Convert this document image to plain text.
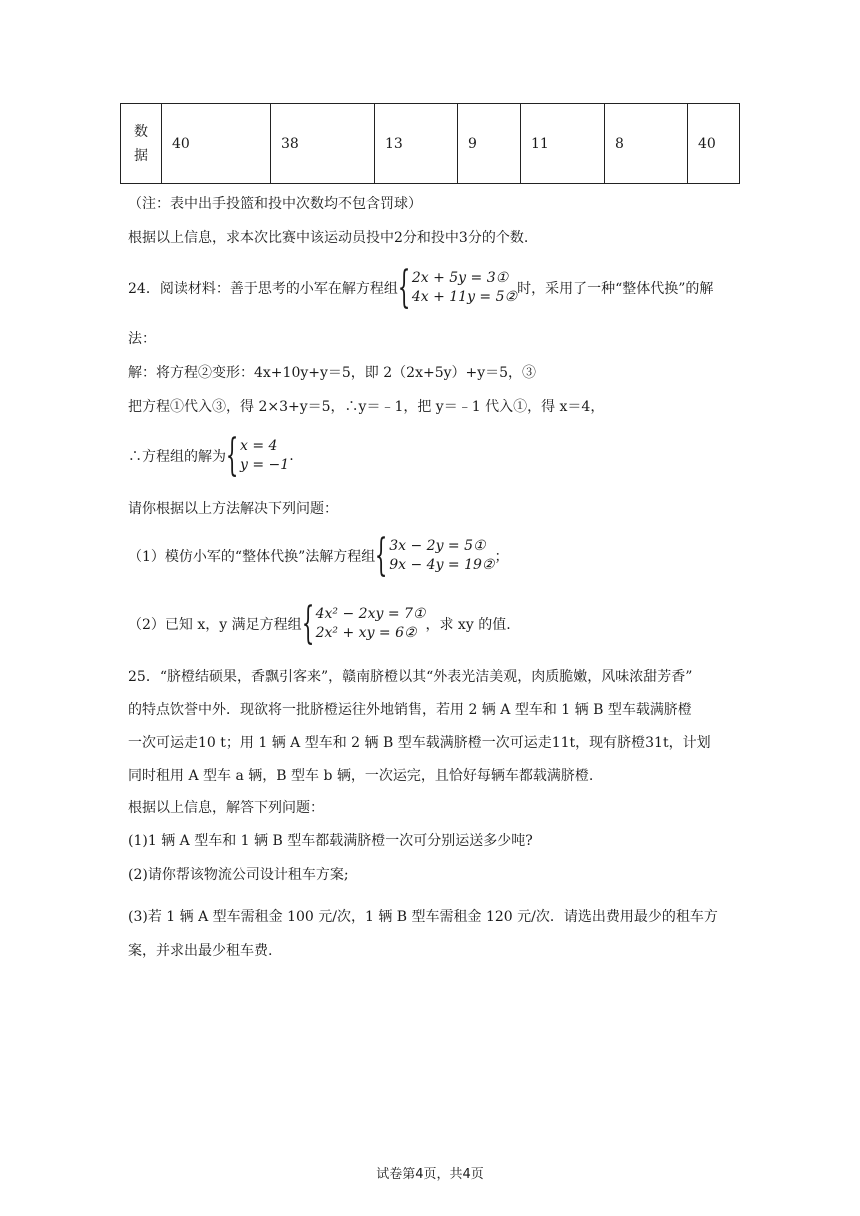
数
据
	40	38	13	9	11	8	40
（注：表中出手投篮和投中次数均不包含罚球）
根据以上信息，求本次比赛中该运动员投中2分和投中3分的个数.
24．阅读材料：善于思考的小军在解方程组 { 2x + 5y = 3①
4x + 11y = 5② 时，采用了一种“整体代换”的解
法：
解：将方程②变形：4x+10y+y＝5，即 2（2x+5y）+y＝5，③
把方程①代入③，得 2×3+y＝5，∴y＝﹣1，把 y＝﹣1 代入①，得 x＝4，
∴方程组的解为 { x = 4
y = −1
.
请你根据以上方法解决下列问题：
（1）模仿小军的“整体代换”法解方程组 { 3x − 2y = 5①
9x − 4y = 19② ；
（2）已知 x，y 满足方程组 { 4x² − 2xy = 7①
2x² + xy = 6② ，求 xy 的值.
25．“脐橙结硕果，香飘引客来”，赣南脐橙以其“外表光洁美观，肉质脆嫩，风味浓甜芳香”
的特点饮誉中外．现欲将一批脐橙运往外地销售，若用 2 辆 A 型车和 1 辆 B 型车载满脐橙
一次可运走10 t；用 1 辆 A 型车和 2 辆 B 型车载满脐橙一次可运走11t，现有脐橙31t，计划
同时租用 A 型车 a 辆，B 型车 b 辆，一次运完，且恰好每辆车都载满脐橙.
根据以上信息，解答下列问题：
(1)1 辆 A 型车和 1 辆 B 型车都载满脐橙一次可分别运送多少吨?
(2)请你帮该物流公司设计租车方案;
(3)若 1 辆 A 型车需租金 100 元/次，1 辆 B 型车需租金 120 元/次．请选出费用最少的租车方
案，并求出最少租车费.
试卷第4页，共4页
